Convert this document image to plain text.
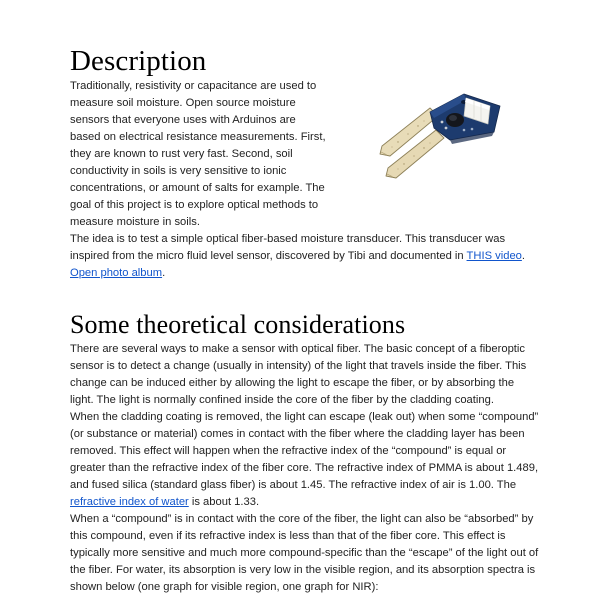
Description

Traditionally, resistivity or capacitance are used to measure soil moisture. Open source moisture sensors that everyone uses with Arduinos are based on electrical resistance measurements. First, they are known to rust very fast. Second, soil conductivity in soils is very sensitive to ionic concentrations, or amount of salts for example. The goal of this project is to explore optical methods to measure moisture in soils.

The idea is to test a simple optical fiber-based moisture transducer. This transducer was inspired from the micro fluid level sensor, discovered by Tibi and documented in THIS video.

Open photo album.

Some theoretical considerations

There are several ways to make a sensor with optical fiber. The basic concept of a fiberoptic sensor is to detect a change (usually in intensity) of the light that travels inside the fiber. This change can be induced either by allowing the light to escape the fiber, or by absorbing the light. The light is normally confined inside the core of the fiber by the cladding coating.

When the cladding coating is removed, the light can escape (leak out) when some “compound” (or substance or material) comes in contact with the fiber where the cladding layer has been removed. This effect will happen when the refractive index of the “compound” is equal or greater than the refractive index of the fiber core. The refractive index of PMMA is about 1.489, and fused silica (standard glass fiber) is about 1.45. The refractive index of air is 1.00. The refractive index of water is about 1.33.

When a “compound” is in contact with the core of the fiber, the light can also be “absorbed” by this compound, even if its refractive index is less than that of the fiber core. This effect is typically more sensitive and much more compound-specific than the “escape” of the light out of the fiber. For water, its absorption is very low in the visible region, and its absorption spectra is shown below (one graph for visible region, one graph for NIR):
